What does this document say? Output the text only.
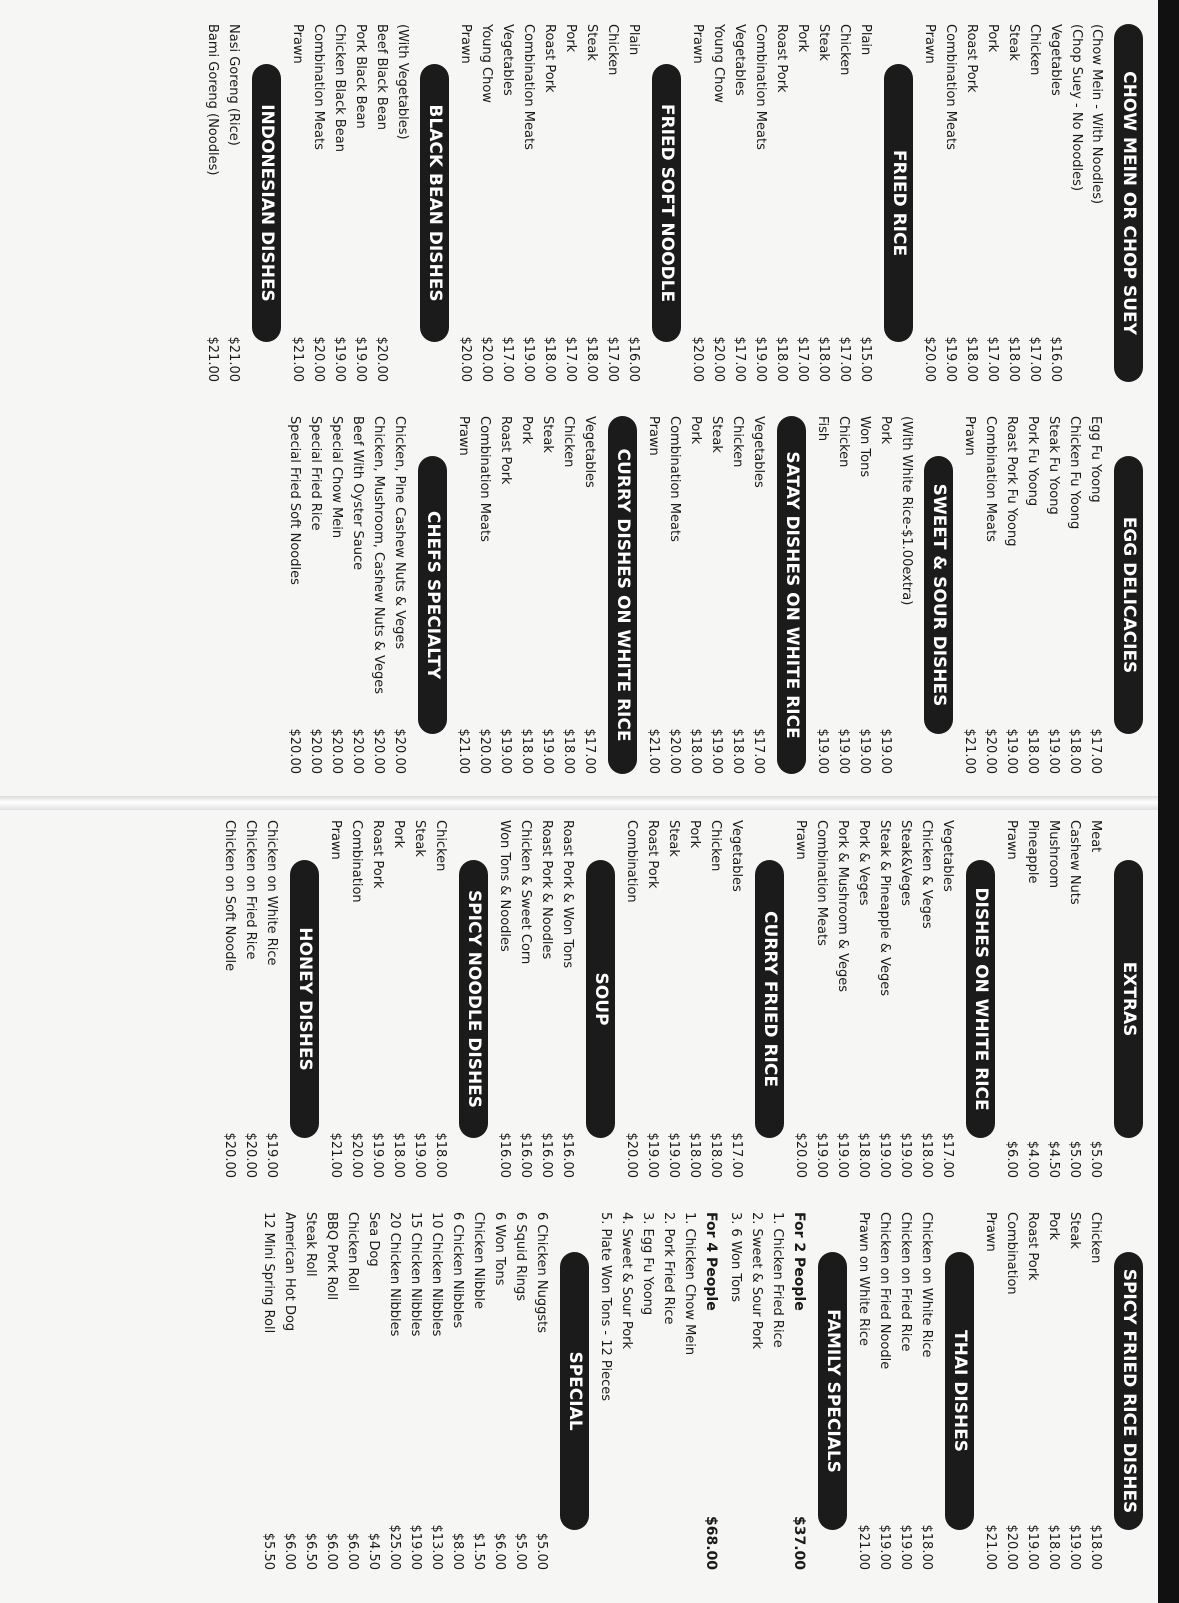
CHOW MEIN OR CHOP SUEY
(Chow Mein - With Noodles)
(Chop Suey - No Noodles)
Vegetables
$16.00
Chicken
$17.00
Steak
$18.00
Pork
$17.00
Roast Pork
$18.00
Combination Meats
$19.00
Prawn
$20.00
FRIED RICE
Plain
$15.00
Chicken
$17.00
Steak
$18.00
Pork
$17.00
Roast Pork
$18.00
Combination Meats
$19.00
Vegetables
$17.00
Young Chow
$20.00
Prawn
$20.00
FRIED SOFT NOODLE
Plain
$16.00
Chicken
$17.00
Steak
$18.00
Pork
$17.00
Roast Pork
$18.00
Combination Meats
$19.00
Vegetables
$17.00
Young Chow
$20.00
Prawn
$20.00
BLACK BEAN DISHES
(With Vegetables)
Beef Black Bean
$20.00
Pork Black Bean
$19.00
Chicken Black Bean
$19.00
Combination Meats
$20.00
Prawn
$21.00
INDONESIAN DISHES
Nasi Goreng (Rice)
$21.00
Bami Goreng (Noodles)
$21.00
EGG DELICACIES
Egg Fu Yoong
$17.00
Chicken Fu Yoong
$18.00
Steak Fu Yoong
$19.00
Pork Fu Yoong
$18.00
Roast Pork Fu Yoong
$19.00
Combination Meats
$20.00
Prawn
$21.00
SWEET & SOUR DISHES
(With White Rice-$1.00extra)
Pork
$19.00
Won Tons
$19.00
Chicken
$19.00
Fish
$19.00
SATAY DISHES ON WHITE RICE
Vegetables
$17.00
Chicken
$18.00
Steak
$19.00
Pork
$18.00
Combination Meats
$20.00
Prawn
$21.00
CURRY DISHES ON WHITE RICE
Vegetables
$17.00
Chicken
$18.00
Steak
$19.00
Pork
$18.00
Roast Pork
$19.00
Combination Meats
$20.00
Prawn
$21.00
CHEFS SPECIALTY
Chicken, Pine Cashew Nuts & Veges
$20.00
Chicken, Mushroom, Cashew Nuts & Veges
$20.00
Beef With Oyster Sauce
$20.00
Special Chow Mein
$20.00
Special Fried Rice
$20.00
Special Fried Soft Noodles
$20.00
EXTRAS
Meat
$5.00
Cashew Nuts
$5.00
Mushroom
$4.50
Pineapple
$4.00
Prawn
$6.00
DISHES ON WHITE RICE
Vegetables
$17.00
Chicken & Veges
$18.00
Steak&Veges
$19.00
Steak & Pineapple & Veges
$19.00
Pork & Veges
$18.00
Pork & Mushroom & Veges
$19.00
Combination Meats
$19.00
Prawn
$20.00
CURRY FRIED RICE
Vegetables
$17.00
Chicken
$18.00
Pork
$18.00
Steak
$19.00
Roast Pork
$19.00
Combination
$20.00
SOUP
Roast Pork & Won Tons
$16.00
Roast Pork & Noodles
$16.00
Chicken & Sweet Corn
$16.00
Won Tons & Noodles
$16.00
SPICY NOODLE DISHES
Chicken
$18.00
Steak
$19.00
Pork
$18.00
Roast Pork
$19.00
Combination
$20.00
Prawn
$21.00
HONEY DISHES
Chicken on White Rice
$19.00
Chicken on Fried Rice
$20.00
Chicken on Soft Noodle
$20.00
SPICY FRIED RICE DISHES
Chicken
$18.00
Steak
$19.00
Pork
$18.00
Roast Pork
$19.00
Combination
$20.00
Prawn
$21.00
THAI DISHES
Chicken on White Rice
$18.00
Chicken on Fried Rice
$19.00
Chicken on Fried Noodle
$19.00
Prawn on White Rice
$21.00
FAMILY SPECIALS
For 2 People
$37.00
1. Chicken Fried Rice
2. Sweet & Sour Pork
3. 6 Won Tons
For 4 People
$68.00
1. Chicken Chow Mein
2. Pork Fried Rice
3. Egg Fu Yoong
4. Sweet & Sour Pork
5. Plate Won Tons - 12 Pieces
SPECIAL
6 Chicken Nuggsts
$5.00
6 Squid Rings
$5.00
6 Won Tons
$6.00
Chicken Nibble
$1.50
6 Chicken Nibbles
$8.00
10 Chicken Nibbles
$13.00
15 Chicken Nibbles
$19.00
20 Chicken Nibbles
$25.00
Sea Dog
$4.50
Chicken Roll
$6.00
BBQ Pork Roll
$6.00
Steak Roll
$6.50
American Hot Dog
$6.00
12 Mini Spring Roll
$5.50
